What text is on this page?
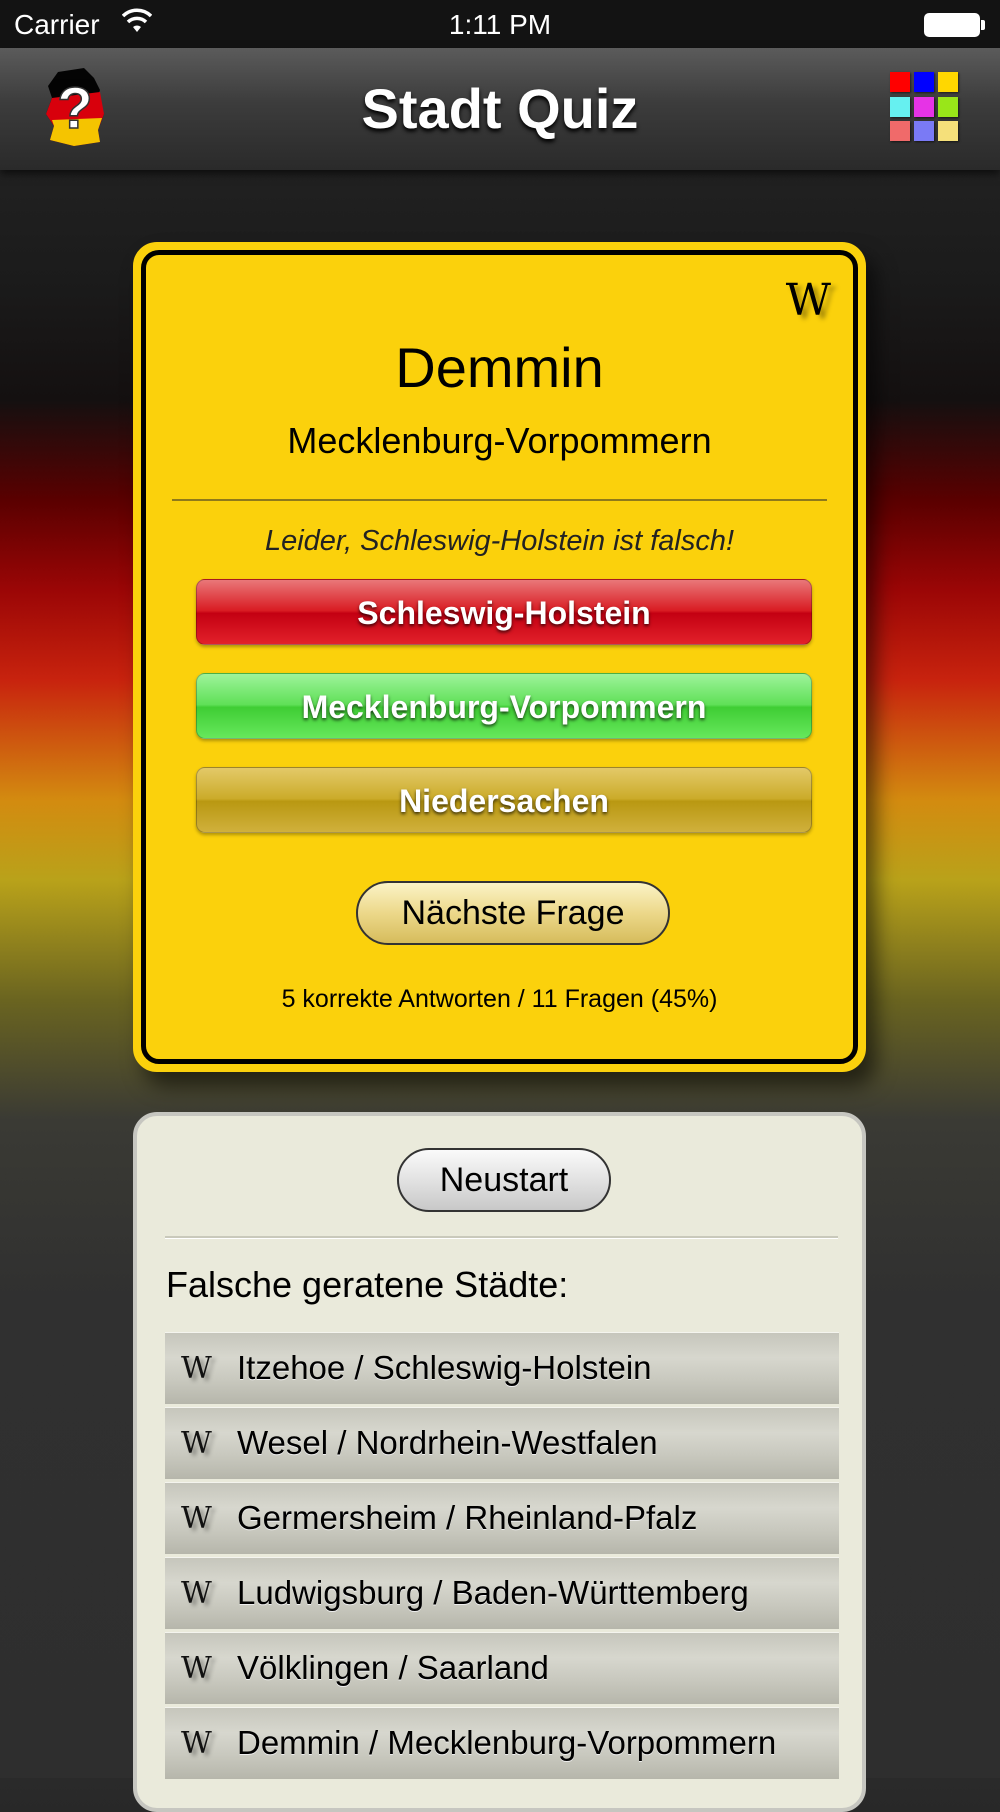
Carrier	1:11 PM
?	Stadt Quiz
W
Demmin
Mecklenburg-Vorpommern
Leider, Schleswig-Holstein ist falsch!
Schleswig-Holstein
Mecklenburg-Vorpommern
Niedersachen
Nächste Frage
5 korrekte Antworten / 11 Fragen (45%)
Neustart
Falsche geratene Städte:
W Itzehoe / Schleswig-Holstein
W Wesel / Nordrhein-Westfalen
W Germersheim / Rheinland-Pfalz
W Ludwigsburg / Baden-Württemberg
W Völklingen / Saarland
W Demmin / Mecklenburg-Vorpommern
